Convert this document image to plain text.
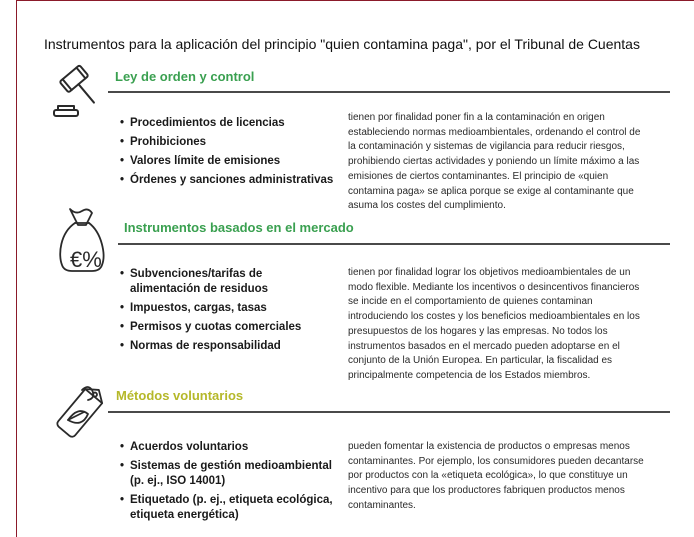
Instrumentos para la aplicación del principio "quien contamina paga", por el Tribunal de Cuentas
Ley de orden y control
• Procedimientos de licencias
• Prohibiciones
• Valores límite de emisiones
• Órdenes y sanciones administrativas
tienen por finalidad poner fin a la contaminación en origen estableciendo normas medioambientales, ordenando el control de la contaminación y sistemas de vigilancia para reducir riesgos, prohibiendo ciertas actividades y poniendo un límite máximo a las emisiones de ciertos contaminantes. El principio de «quien contamina paga» se aplica porque se exige al contaminante que asuma los costes del cumplimiento.
€%
Instrumentos basados en el mercado
• Subvenciones/tarifas de alimentación de residuos
• Impuestos, cargas, tasas
• Permisos y cuotas comerciales
• Normas de responsabilidad
tienen por finalidad lograr los objetivos medioambientales de un modo flexible. Mediante los incentivos o desincentivos financieros se incide en el comportamiento de quienes contaminan introduciendo los costes y los beneficios medioambientales en los presupuestos de los hogares y las empresas. No todos los instrumentos basados en el mercado pueden adoptarse en el conjunto de la Unión Europea. En particular, la fiscalidad es principalmente competencia de los Estados miembros.
Métodos voluntarios
• Acuerdos voluntarios
• Sistemas de gestión medioambiental (p. ej., ISO 14001)
• Etiquetado (p. ej., etiqueta ecológica, etiqueta energética)
pueden fomentar la existencia de productos o empresas menos contaminantes. Por ejemplo, los consumidores pueden decantarse por productos con la «etiqueta ecológica», lo que constituye un incentivo para que los productores fabriquen productos menos contaminantes.
